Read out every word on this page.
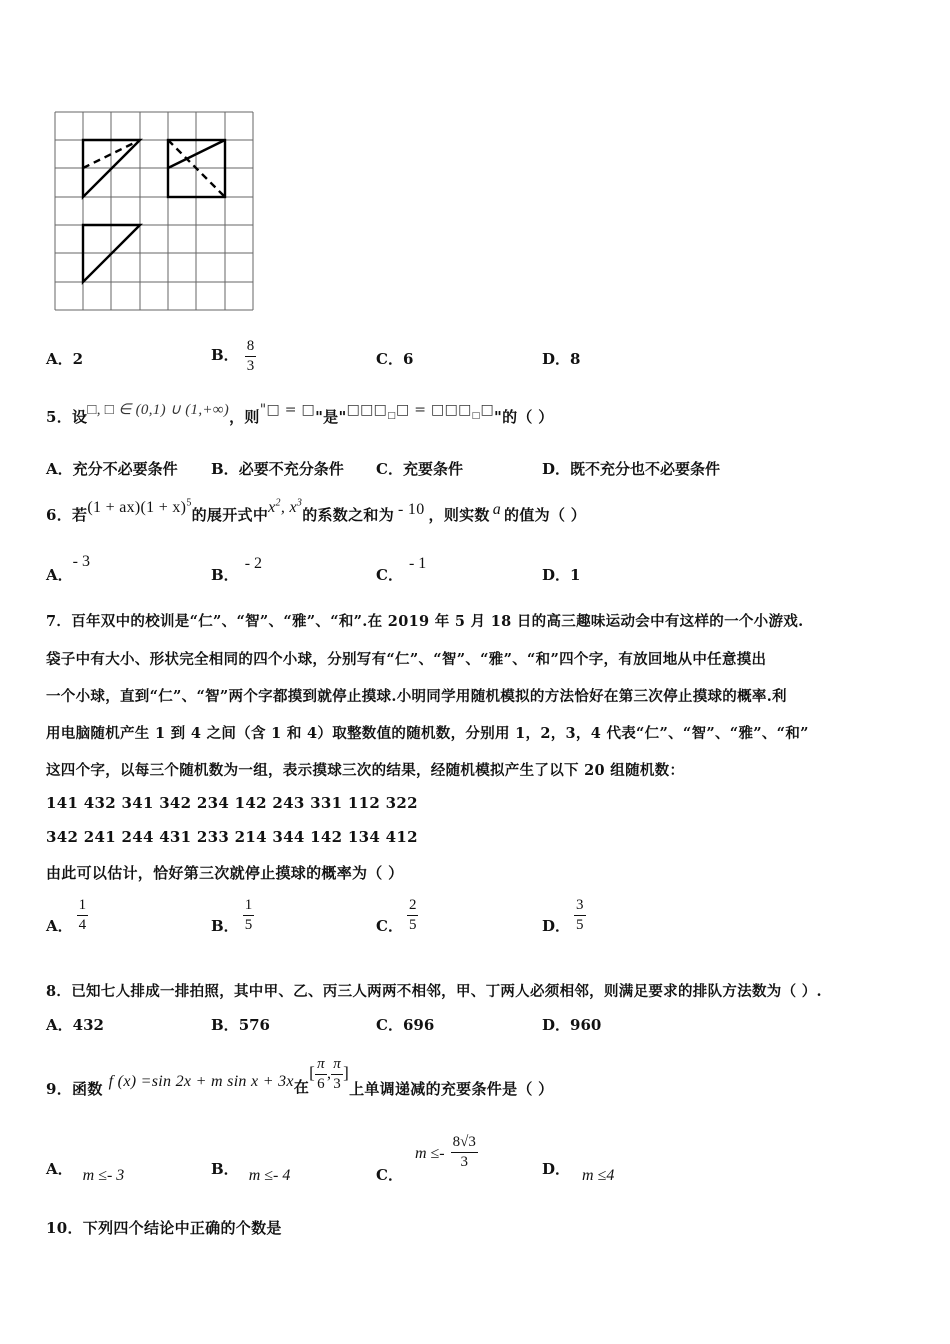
A．2	B． $\frac{8}{3}$	C．6	D．8
5．设□, □ ∈ (0,1) ∪ (1,+∞)，则"□ = □"是"$□□□_□□$ = $□□□_□□$"的（ ）
A．充分不必要条件 B．必要不充分条件 C．充要条件	D．既不充分也不必要条件
6．若$(1 + ax)(1 + x)^5$的展开式中$x^2$, $x^3$的系数之和为 - 10 ，则实数 a 的值为（ ）
A．- 3
B．- 2
C．- 1
D．1
7．百年双中的校训是“仁”、“智”、“雅”、“和”.在 2019 年 5 月 18 日的高三趣味运动会中有这样的一个小游戏.
袋子中有大小、形状完全相同的四个小球，分别写有“仁”、“智”、“雅”、“和”四个字，有放回地从中任意摸出
一个小球，直到“仁”、“智”两个字都摸到就停止摸球.小明同学用随机模拟的方法恰好在第三次停止摸球的概率.利
用电脑随机产生 1 到 4 之间（含 1 和 4）取整数值的随机数，分别用 1，2，3，4 代表“仁”、“智”、“雅”、“和”
这四个字，以每三个随机数为一组，表示摸球三次的结果，经随机模拟产生了以下 20 组随机数：
141 432 341 342 234 142 243 331 112 322
342 241 244 431 233 214 344 142 134 412
由此可以估计，恰好第三次就停止摸球的概率为（ ）
A． $\frac{1}{4}$	B． $\frac{1}{5}$	C． $\frac{2}{5}$	D． $\frac{3}{5}$
8．已知七人排成一排拍照，其中甲、乙、丙三人两两不相邻，甲、丁两人必须相邻，则满足要求的排队方法数为（ ）.
A．432	B．576	C．696	D．960
9．函数 f (x) =sin 2x + m sin x + 3x在[ $\frac{\pi}{6}$ , $\frac{\pi}{3}$ ]上单调递减的充要条件是（ ）
A． m ≤- 3	B． m ≤- 4	C．$m \le- \frac{8√3}{3}$	D． m ≤4
10．下列四个结论中正确的个数是
